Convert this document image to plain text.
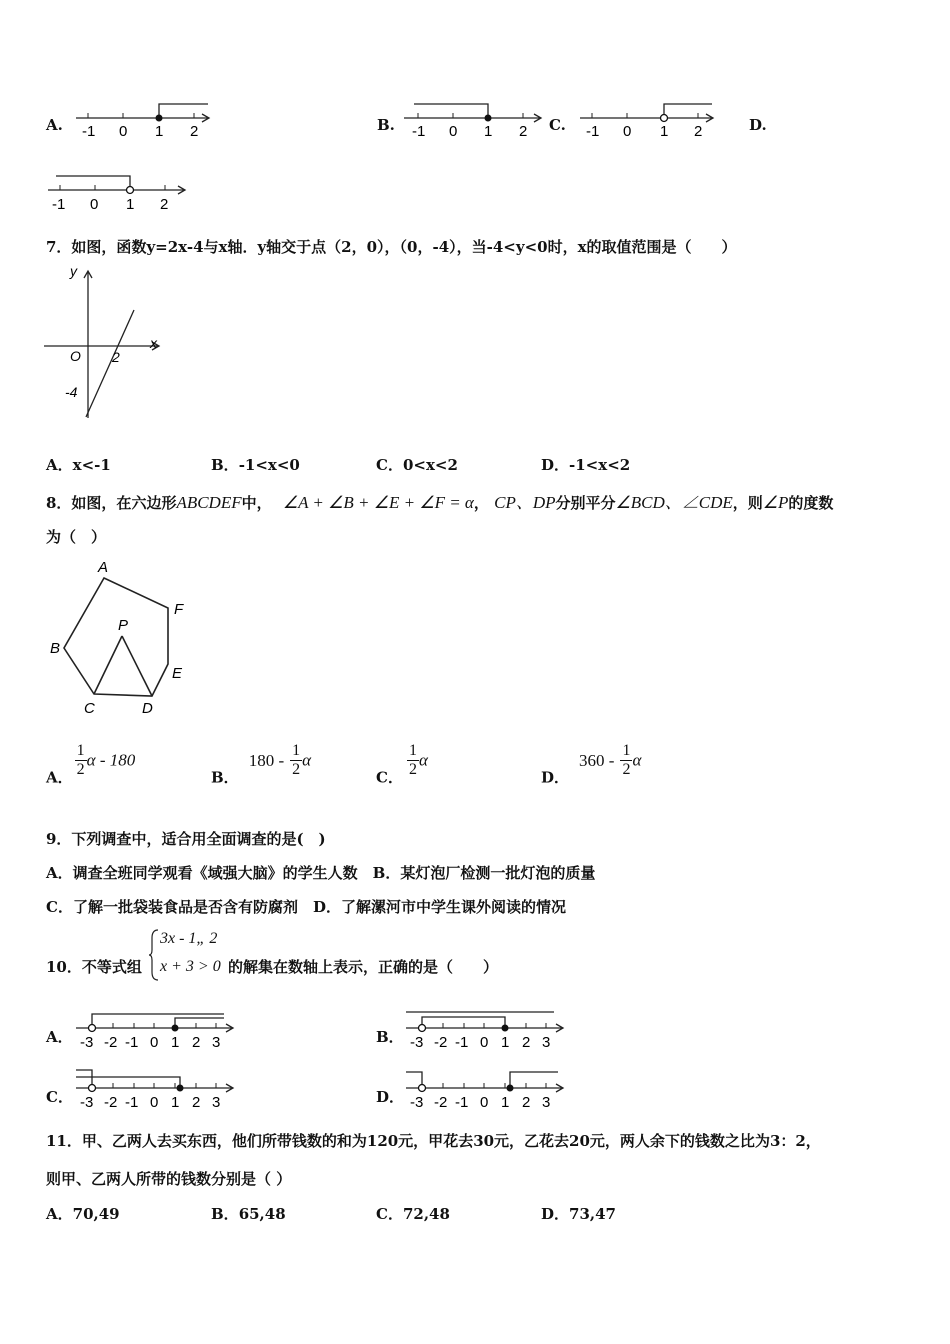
A. -1 0 1 2	B. -1 0 1 2 C. -1 0 1 2	D.
-1 0 1 2
7．如图，函数y=2x-4与x轴．y轴交于点（2，0），（0，-4），当-4<y<0时，x的取值范围是（　　）
y
x
O 2
-4
A．x<-1	B．-1<x<0	C．0<x<2	D．-1<x<2
8．如图，在六边形ABCDEF中， ∠A + ∠B + ∠E + ∠F = α， CP、DP分别平分∠BCD、∠CDE，则∠P的度数
为（　）
A
F
P
B
E
C	D
A． $\frac{1}{2}$ α - 180
B．$180 - \frac{1}{2}$ α
C． $\frac{1}{2}$ α
D．$360 - \frac{1}{2}$ α
9．下列调查中，适合用全面调查的是(　)
A．调查全班同学观看《域强大脑》的学生人数　B．某灯泡厂检测一批灯泡的质量
C．了解一批袋装食品是否含有防腐剂　D．了解漯河市中学生课外阅读的情况
10．不等式组
3x - 1„ 2
x + 3 > 0 的解集在数轴上表示，正确的是（　　）
A． -3 -2 -1 0 1 2 3	B． -3 -2 -1 0 1 2 3
C． -3 -2 -1 0 1 2 3	D． -3 -2 -1 0 1 2 3
11．甲、乙两人去买东西，他们所带钱数的和为120元，甲花去30元，乙花去20元，两人余下的钱数之比为3：2，
则甲、乙两人所带的钱数分别是（ ）
A．70,49	B．65,48	C．72,48	D．73,47
